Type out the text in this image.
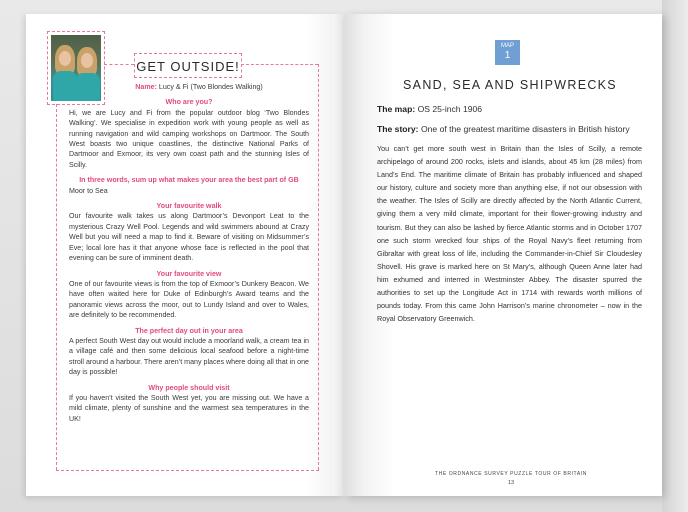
GET OUTSIDE!
Name: Lucy & Fi (Two Blondes Walking)
Who are you?

Hi, we are Lucy and Fi from the popular outdoor blog ‘Two Blondes Walking’. We specialise in expedition work with young people as well as running navigation and wild camping workshops on Dartmoor. The South West boasts two unique coastlines, the distinctive National Parks of Dartmoor and Exmoor, its very own coast path and the stunning Isles of Scilly.

In three words, sum up what makes your area the best part of GB

Moor to Sea

Your favourite walk

Our favourite walk takes us along Dartmoor’s Devonport Leat to the mysterious Crazy Well Pool. Legends and wild swimmers abound at Crazy Well but you will need a map to find it. Beware of visiting on Midsummer’s Eve; local lore has it that anyone whose face is reflected in the pool that evening can be sure of imminent death.

Your favourite view

One of our favourite views is from the top of Exmoor’s Dunkery Beacon. We have often waited here for Duke of Edinburgh’s Award teams and the panoramic views across the moor, out to Lundy Island and over to Wales, are definitely to be recommended.

The perfect day out in your area

A perfect South West day out would include a moorland walk, a cream tea in a village café and then some delicious local seafood before a night-time stroll around a harbour. There aren’t many places where doing all that in one day is possible!

Why people should visit

If you haven’t visited the South West yet, you are missing out. We have a mild climate, plenty of sunshine and the warmest sea temperatures in the UK!

MAP
1
SAND, SEA AND SHIPWRECKS
The map: OS 25-inch 1906
The story: One of the greatest maritime disasters in British history

You can’t get more south west in Britain than the Isles of Scilly, a remote archipelago of around 200 rocks, islets and islands, about 45 km (28 miles) from Land’s End. The maritime climate of Britain has probably influenced and shaped our history, culture and society more than anything else, if not our obsession with the weather. The Isles of Scilly are directly affected by the North Atlantic Current, giving them a very mild climate, important for their flower-growing industry and tourism. But they can also be lashed by fierce Atlantic storms and in October 1707 one such storm wrecked four ships of the Royal Navy’s fleet returning from Gibraltar with great loss of life, including the Commander-in-Chief Sir Cloudesley Shovell. His grave is marked here on St Mary’s, although Queen Anne later had him exhumed and interred in Westminster Abbey. The disaster spurred the authorities to set up the Longitude Act in 1714 with rewards worth millions of pounds today. From this came John Harrison’s marine chronometer – now in the Royal Observatory Greenwich.

THE ORDNANCE SURVEY PUZZLE TOUR OF BRITAIN
13
